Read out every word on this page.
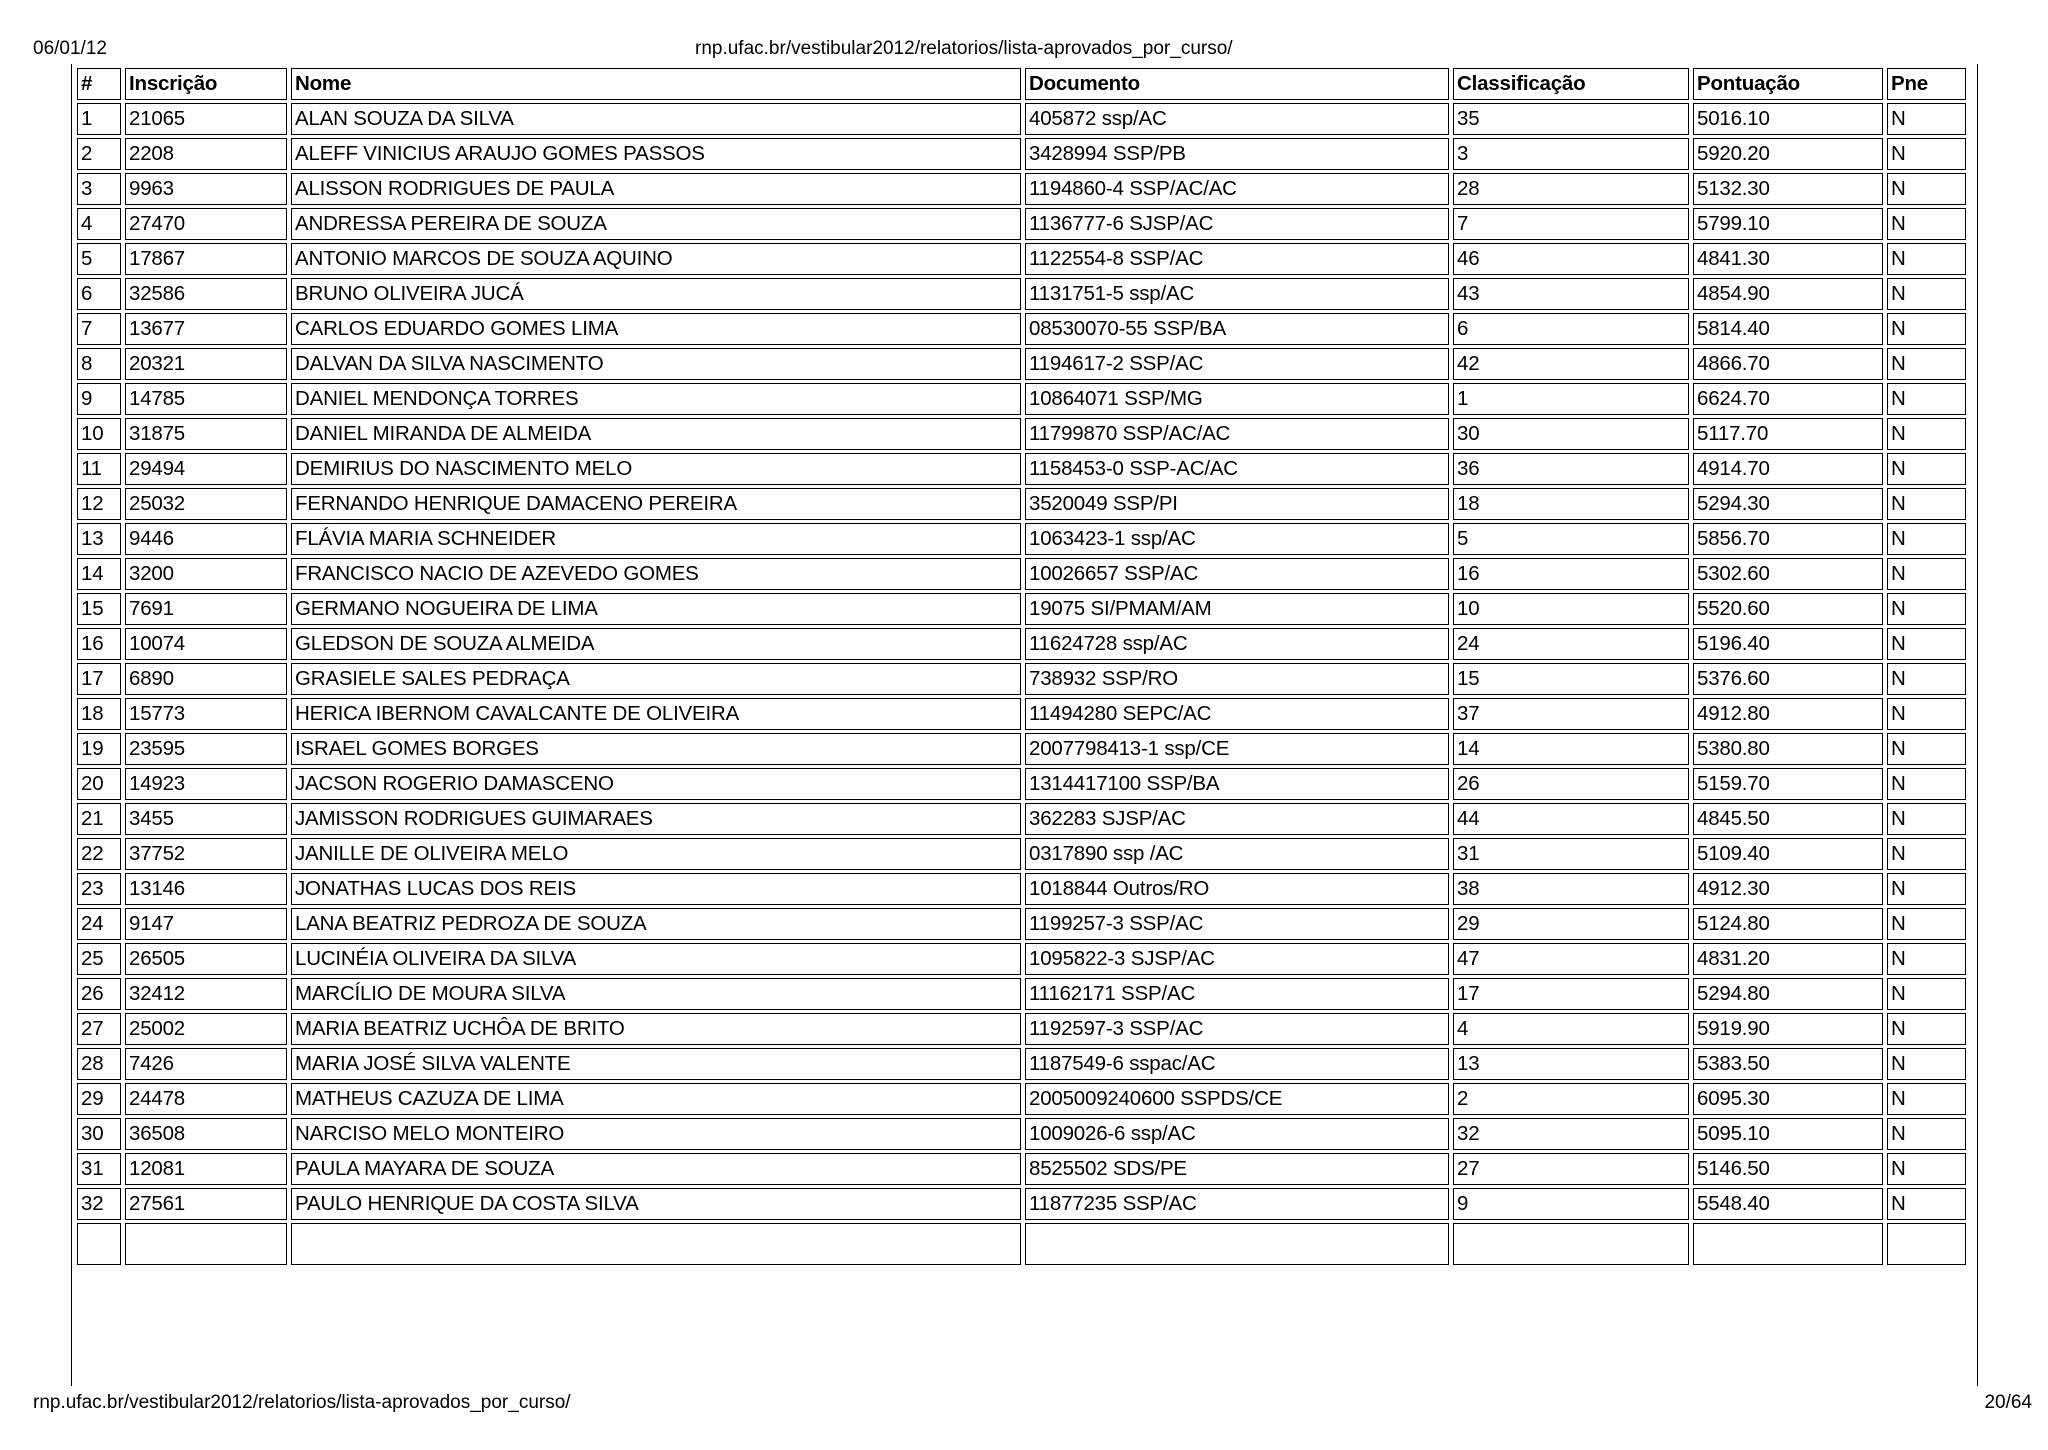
06/01/12	rnp.ufac.br/vestibular2012/relatorios/lista-aprovados_por_curso/
#	Inscrição	Nome	Documento	Classificação	Pontuação	Pne
1	21065	ALAN SOUZA DA SILVA	405872 ssp/AC	35	5016.10	N
2	2208	ALEFF VINICIUS ARAUJO GOMES PASSOS	3428994 SSP/PB	3	5920.20	N
3	9963	ALISSON RODRIGUES DE PAULA	1194860-4 SSP/AC/AC	28	5132.30	N
4	27470	ANDRESSA PEREIRA DE SOUZA	1136777-6 SJSP/AC	7	5799.10	N
5	17867	ANTONIO MARCOS DE SOUZA AQUINO	1122554-8 SSP/AC	46	4841.30	N
6	32586	BRUNO OLIVEIRA JUCÁ	1131751-5 ssp/AC	43	4854.90	N
7	13677	CARLOS EDUARDO GOMES LIMA	08530070-55 SSP/BA	6	5814.40	N
8	20321	DALVAN DA SILVA NASCIMENTO	1194617-2 SSP/AC	42	4866.70	N
9	14785	DANIEL MENDONÇA TORRES	10864071 SSP/MG	1	6624.70	N
10	31875	DANIEL MIRANDA DE ALMEIDA	11799870 SSP/AC/AC	30	5117.70	N
11	29494	DEMIRIUS DO NASCIMENTO MELO	1158453-0 SSP-AC/AC	36	4914.70	N
12	25032	FERNANDO HENRIQUE DAMACENO PEREIRA	3520049 SSP/PI	18	5294.30	N
13	9446	FLÁVIA MARIA SCHNEIDER	1063423-1 ssp/AC	5	5856.70	N
14	3200	FRANCISCO NACIO DE AZEVEDO GOMES	10026657 SSP/AC	16	5302.60	N
15	7691	GERMANO NOGUEIRA DE LIMA	19075 SI/PMAM/AM	10	5520.60	N
16	10074	GLEDSON DE SOUZA ALMEIDA	11624728 ssp/AC	24	5196.40	N
17	6890	GRASIELE SALES PEDRAÇA	738932 SSP/RO	15	5376.60	N
18	15773	HERICA IBERNOM CAVALCANTE DE OLIVEIRA	11494280 SEPC/AC	37	4912.80	N
19	23595	ISRAEL GOMES BORGES	2007798413-1 ssp/CE	14	5380.80	N
20	14923	JACSON ROGERIO DAMASCENO	1314417100 SSP/BA	26	5159.70	N
21	3455	JAMISSON RODRIGUES GUIMARAES	362283 SJSP/AC	44	4845.50	N
22	37752	JANILLE DE OLIVEIRA MELO	0317890 ssp /AC	31	5109.40	N
23	13146	JONATHAS LUCAS DOS REIS	1018844 Outros/RO	38	4912.30	N
24	9147	LANA BEATRIZ PEDROZA DE SOUZA	1199257-3 SSP/AC	29	5124.80	N
25	26505	LUCINÉIA OLIVEIRA DA SILVA	1095822-3 SJSP/AC	47	4831.20	N
26	32412	MARCÍLIO DE MOURA SILVA	11162171 SSP/AC	17	5294.80	N
27	25002	MARIA BEATRIZ UCHÔA DE BRITO	1192597-3 SSP/AC	4	5919.90	N
28	7426	MARIA JOSÉ SILVA VALENTE	1187549-6 sspac/AC	13	5383.50	N
29	24478	MATHEUS CAZUZA DE LIMA	2005009240600 SSPDS/CE	2	6095.30	N
30	36508	NARCISO MELO MONTEIRO	1009026-6 ssp/AC	32	5095.10	N
31	12081	PAULA MAYARA DE SOUZA	8525502 SDS/PE	27	5146.50	N
32	27561	PAULO HENRIQUE DA COSTA SILVA	11877235 SSP/AC	9	5548.40	N

rnp.ufac.br/vestibular2012/relatorios/lista-aprovados_por_curso/	20/64
